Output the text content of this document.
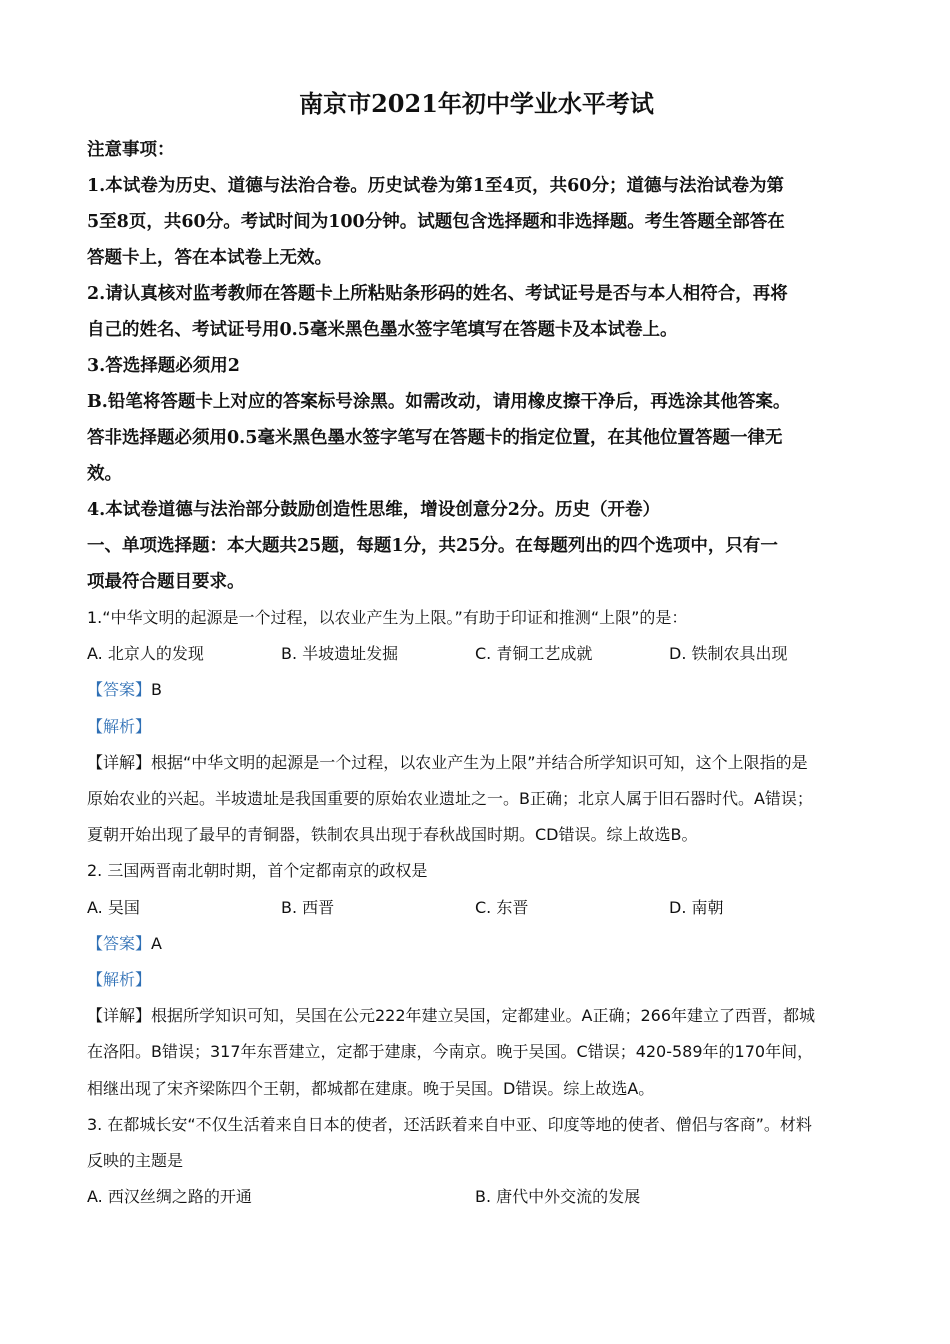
南京市2021年初中学业水平考试

注意事项：

1.本试卷为历史、道德与法治合卷。历史试卷为第1至4页，共60分；道德与法治试卷为第

5至8页，共60分。考试时间为100分钟。试题包含选择题和非选择题。考生答题全部答在

答题卡上，答在本试卷上无效。

2.请认真核对监考教师在答题卡上所粘贴条形码的姓名、考试证号是否与本人相符合，再将

自己的姓名、考试证号用0.5毫米黑色墨水签字笔填写在答题卡及本试卷上。

3.答选择题必须用2

B.铅笔将答题卡上对应的答案标号涂黑。如需改动，请用橡皮擦干净后，再选涂其他答案。

答非选择题必须用0.5毫米黑色墨水签字笔写在答题卡的指定位置，在其他位置答题一律无

效。

4.本试卷道德与法治部分鼓励创造性思维，增设创意分2分。历史（开卷）

一、单项选择题：本大题共25题，每题1分，共25分。在每题列出的四个选项中，只有一

项最符合题目要求。

1.“中华文明的起源是一个过程，以农业产生为上限。”有助于印证和推测“上限”的是：

A. 北京人的发现	B. 半坡遗址发掘	C. 青铜工艺成就	D. 铁制农具出现

【答案】B

【解析】

【详解】根据“中华文明的起源是一个过程，以农业产生为上限”并结合所学知识可知，这个上限指的是

原始农业的兴起。半坡遗址是我国重要的原始农业遗址之一。B正确；北京人属于旧石器时代。A错误；

夏朝开始出现了最早的青铜器，铁制农具出现于春秋战国时期。CD错误。综上故选B。

2. 三国两晋南北朝时期，首个定都南京的政权是

A. 吴国	B. 西晋	C. 东晋	D. 南朝

【答案】A

【解析】

【详解】根据所学知识可知，吴国在公元222年建立吴国，定都建业。A正确；266年建立了西晋，都城

在洛阳。B错误；317年东晋建立，定都于建康，今南京。晚于吴国。C错误；420-589年的170年间，

相继出现了宋齐梁陈四个王朝，都城都在建康。晚于吴国。D错误。综上故选A。

3. 在都城长安“不仅生活着来自日本的使者，还活跃着来自中亚、印度等地的使者、僧侣与客商”。材料

反映的主题是

A. 西汉丝绸之路的开通	B. 唐代中外交流的发展
